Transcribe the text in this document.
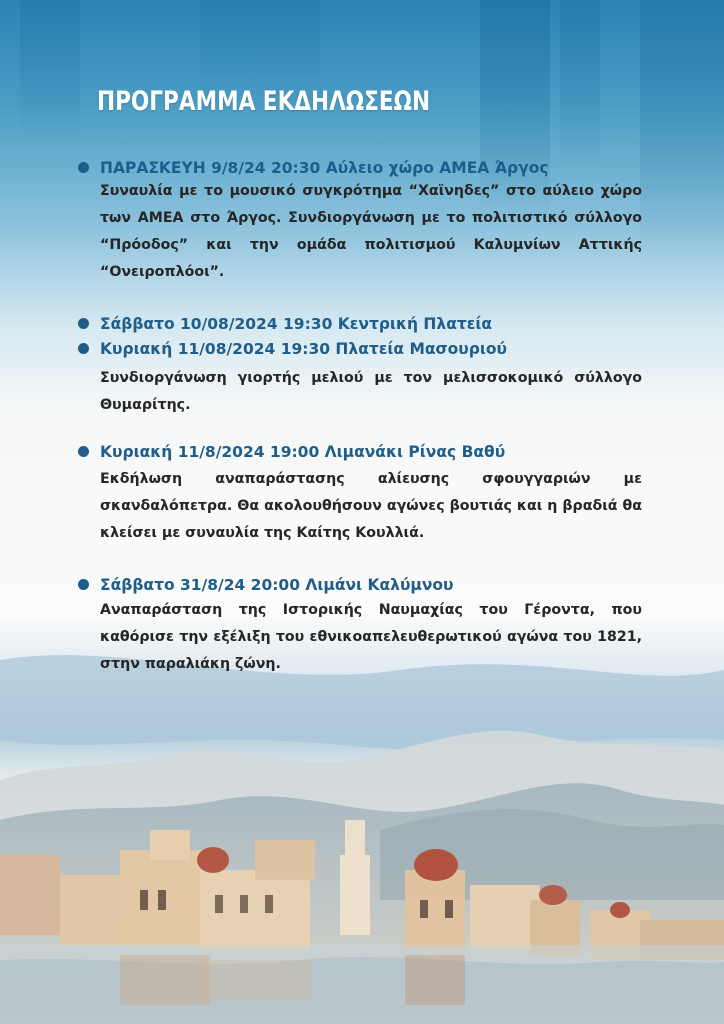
ΠΡΟΓΡΑΜΜΑ ΕΚΔΗΛΩΣΕΩΝ
ΠΑΡΑΣΚΕΥΗ 9/8/24 20:30 Αύλειο χώρο ΑΜΕΑ Άργος

Συναυλία με το μουσικό συγκρότημα “Χαϊνηδες” στο αύλειο χώρο των ΑΜΕΑ στο Άργος. Συνδιοργάνωση με το πολιτιστικό σύλλογο “Πρόοδος” και την ομάδα πολιτισμού Καλυμνίων Αττικής “Ονειροπλόοι”.

Σάββατο 10/08/2024 19:30 Κεντρική Πλατεία
Κυριακή 11/08/2024 19:30 Πλατεία Μασουριού

Συνδιοργάνωση γιορτής μελιού με τον μελισσοκομικό σύλλογο Θυμαρίτης.

Κυριακή 11/8/2024 19:00 Λιμανάκι Ρίνας Βαθύ

Εκδήλωση αναπαράστασης αλίευσης σφουγγαριών με σκανδαλόπετρα. Θα ακολουθήσουν αγώνες βουτιάς και η βραδιά θα κλείσει με συναυλία της Καίτης Κουλλιά.

Σάββατο 31/8/24 20:00 Λιμάνι Καλύμνου

Αναπαράσταση της Ιστορικής Ναυμαχίας του Γέροντα, που καθόρισε την εξέλιξη του εθνικοαπελευθερωτικού αγώνα του 1821, στην παραλιάκη ζώνη.
